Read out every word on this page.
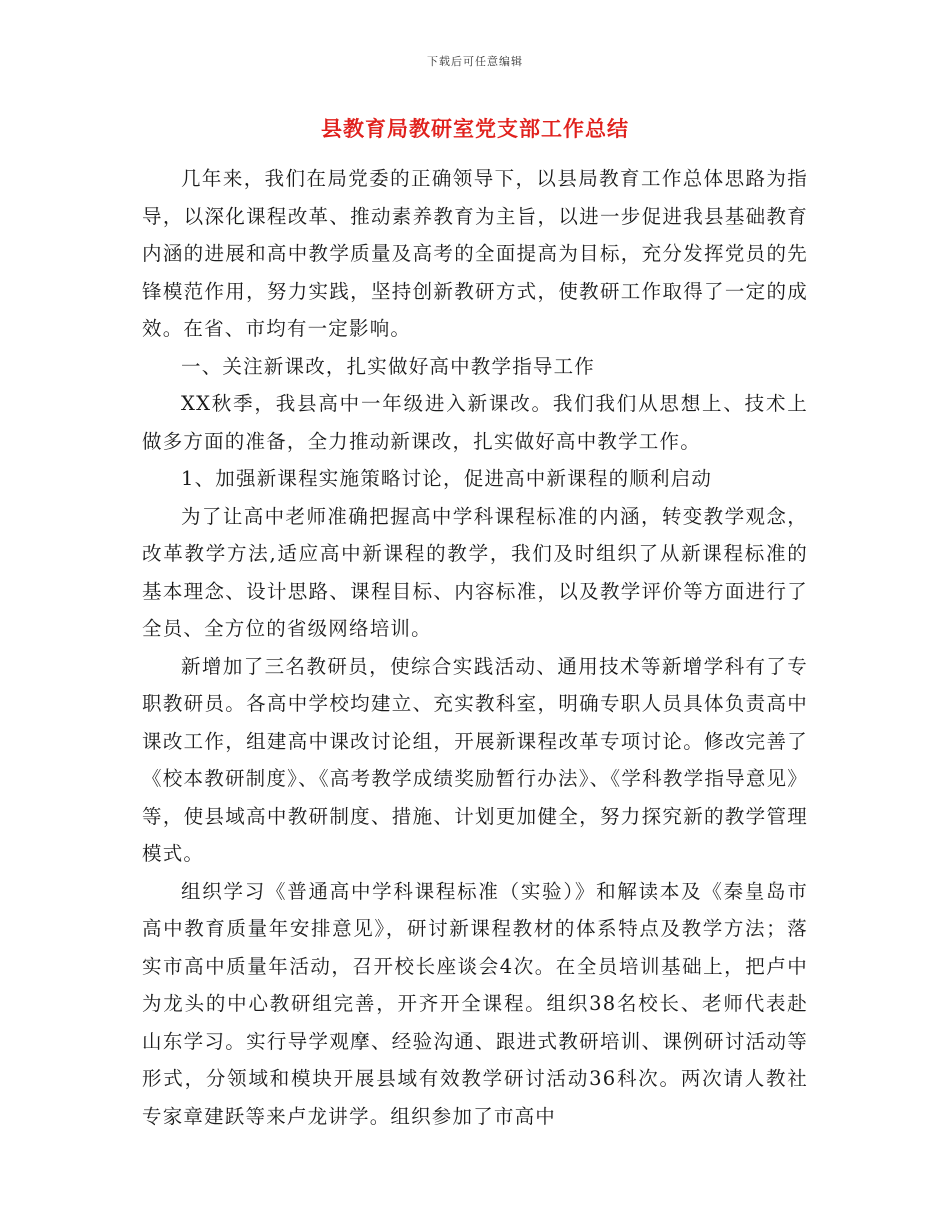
下载后可任意编辑
县教育局教研室党支部工作总结

几年来，我们在局党委的正确领导下，以县局教育工作总体思路为指导，以深化课程改革、推动素养教育为主旨，以进一步促进我县基础教育内涵的进展和高中教学质量及高考的全面提高为目标，充分发挥党员的先锋模范作用，努力实践，坚持创新教研方式，使教研工作取得了一定的成效。在省、市均有一定影响。

一、关注新课改，扎实做好高中教学指导工作

XX秋季，我县高中一年级进入新课改。我们我们从思想上、技术上做多方面的准备，全力推动新课改，扎实做好高中教学工作。

1、加强新课程实施策略讨论，促进高中新课程的顺利启动

为了让高中老师准确把握高中学科课程标准的内涵，转变教学观念，改革教学方法,适应高中新课程的教学，我们及时组织了从新课程标准的基本理念、设计思路、课程目标、内容标准，以及教学评价等方面进行了全员、全方位的省级网络培训。

新增加了三名教研员，使综合实践活动、通用技术等新增学科有了专职教研员。各高中学校均建立、充实教科室，明确专职人员具体负责高中课改工作，组建高中课改讨论组，开展新课程改革专项讨论。修改完善了《校本教研制度》、《高考教学成绩奖励暂行办法》、《学科教学指导意见》等，使县域高中教研制度、措施、计划更加健全，努力探究新的教学管理模式。

组织学习《普通高中学科课程标准（实验）》和解读本及《秦皇岛市高中教育质量年安排意见》，研讨新课程教材的体系特点及教学方法；落实市高中质量年活动，召开校长座谈会4次。在全员培训基础上，把卢中为龙头的中心教研组完善，开齐开全课程。组织38名校长、老师代表赴山东学习。实行导学观摩、经验沟通、跟进式教研培训、课例研讨活动等形式，分领域和模块开展县域有效教学研讨活动36科次。两次请人教社专家章建跃等来卢龙讲学。组织参加了市高中
